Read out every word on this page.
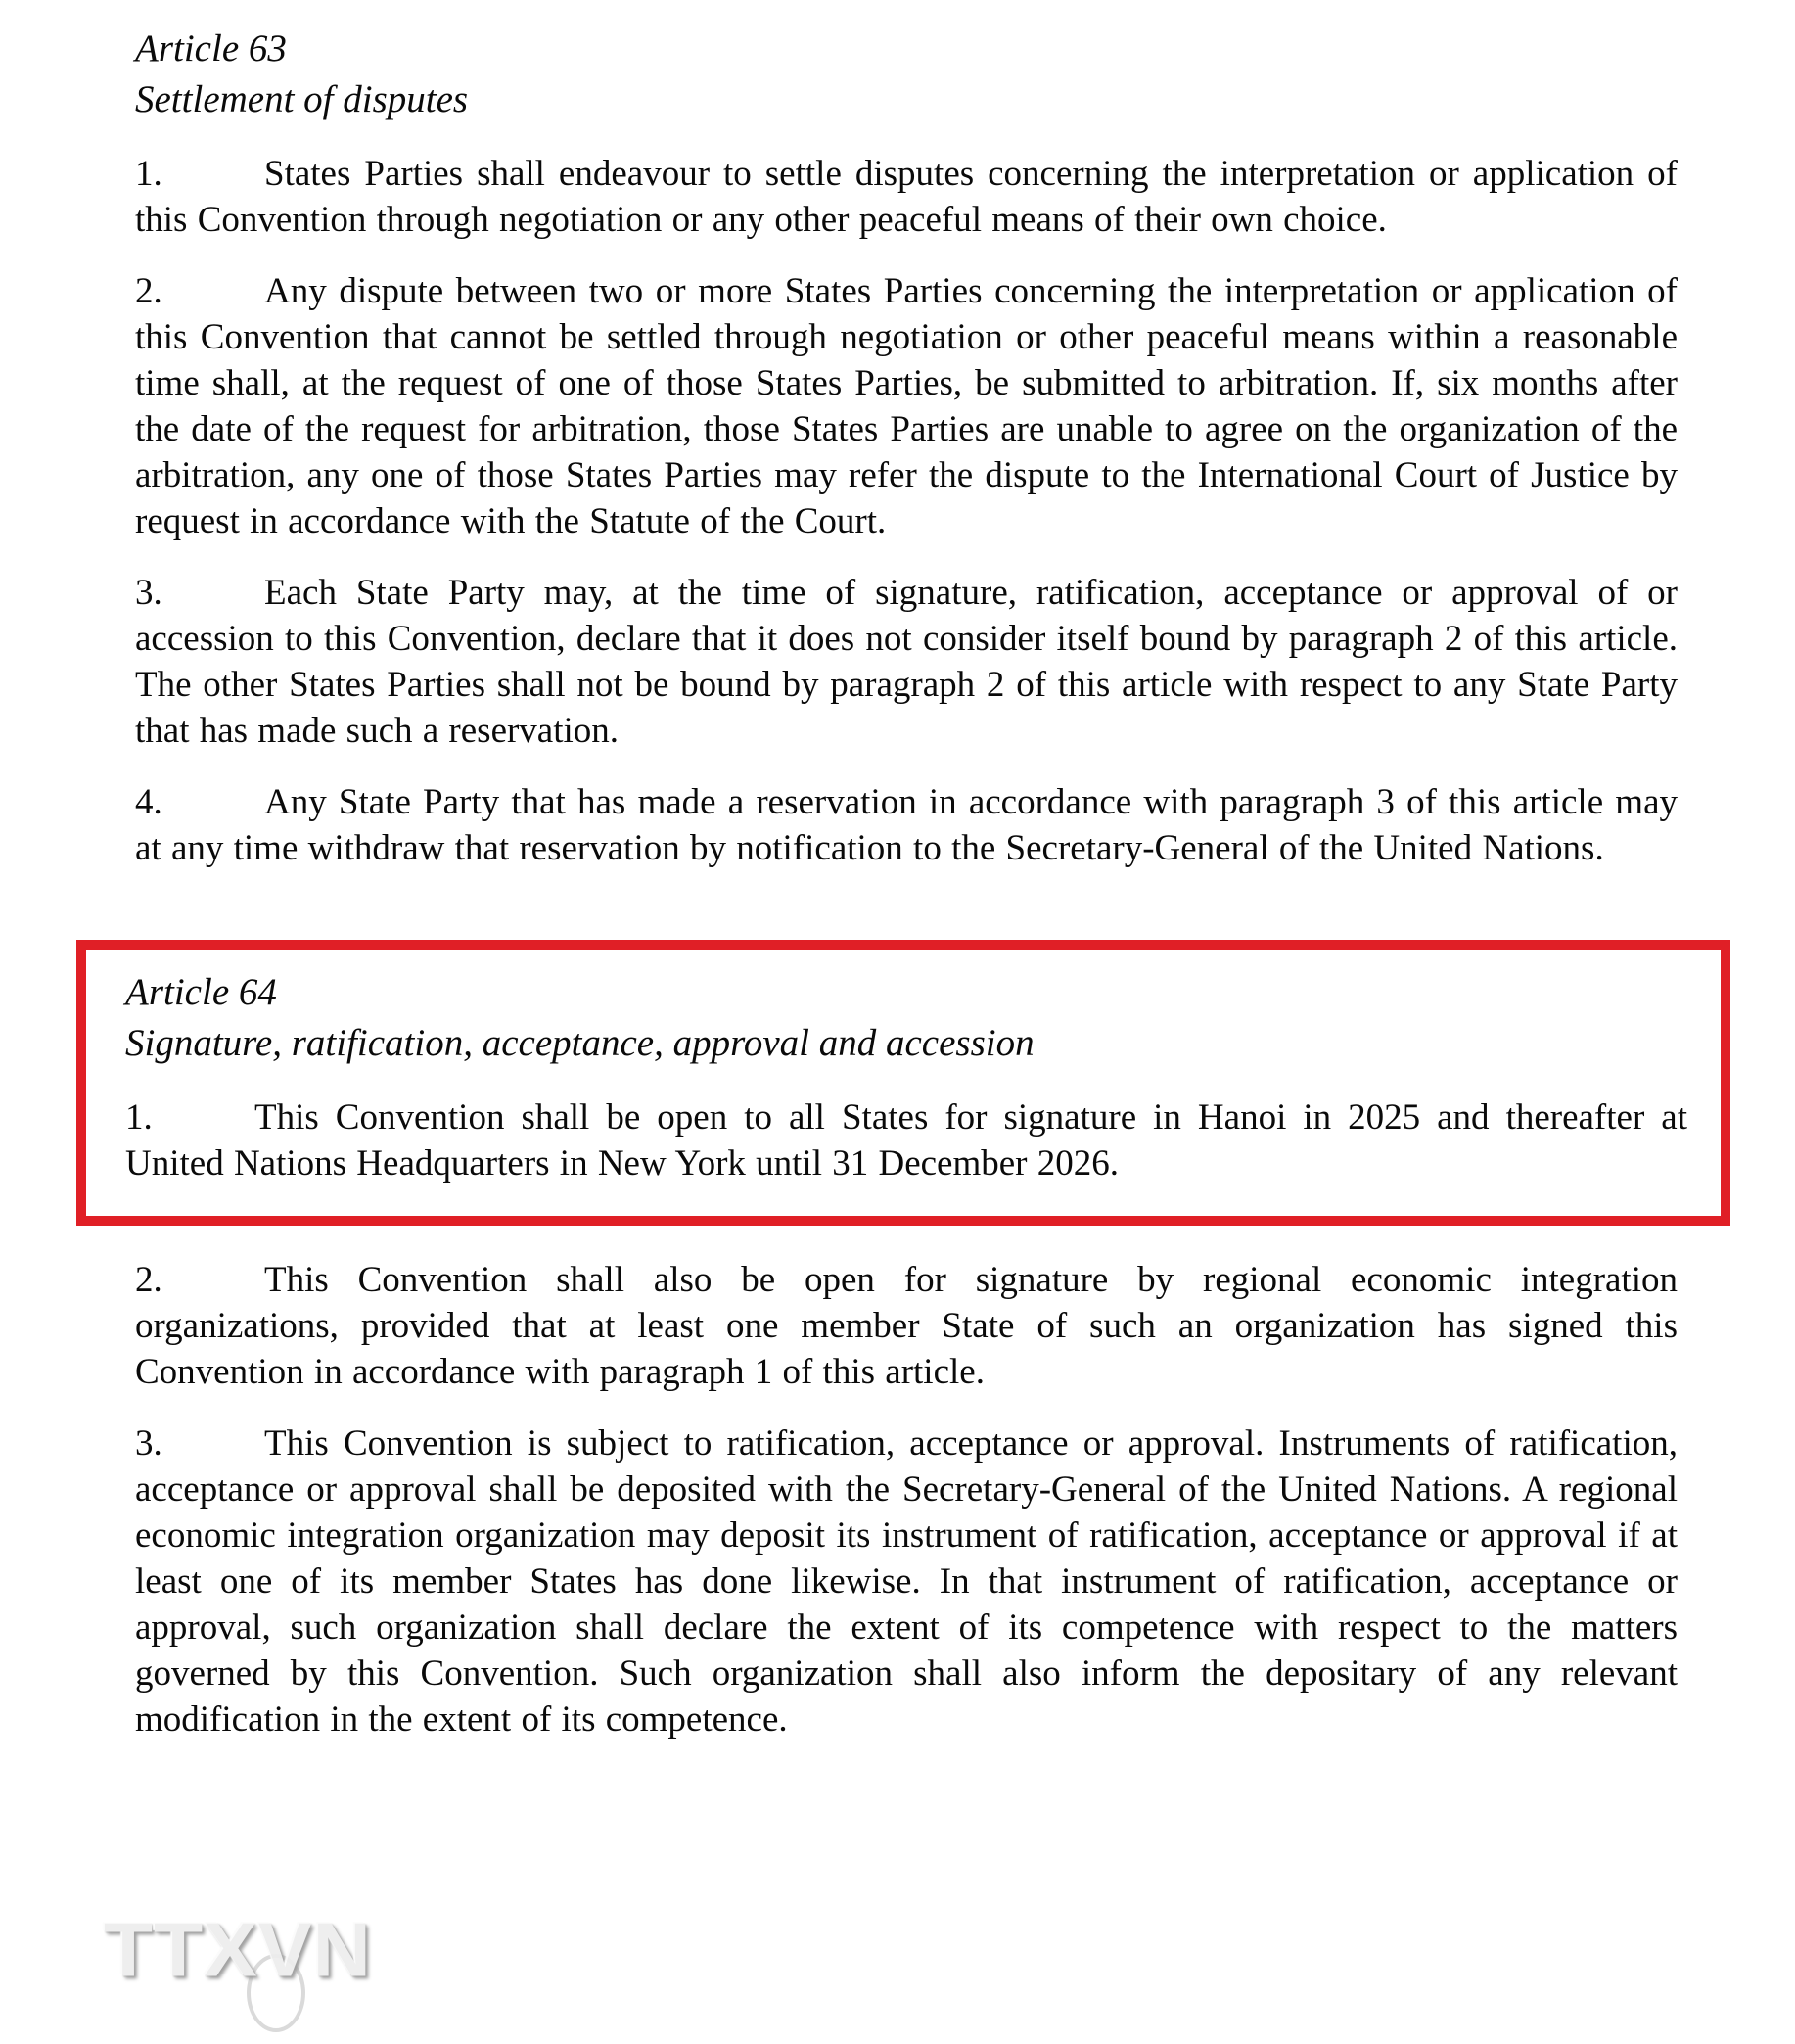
Article 63
Settlement of disputes

1.	States Parties shall endeavour to settle disputes concerning the interpretation or application of this Convention through negotiation or any other peaceful means of their own choice.

2.	Any dispute between two or more States Parties concerning the interpretation or application of this Convention that cannot be settled through negotiation or other peaceful means within a reasonable time shall, at the request of one of those States Parties, be submitted to arbitration. If, six months after the date of the request for arbitration, those States Parties are unable to agree on the organization of the arbitration, any one of those States Parties may refer the dispute to the International Court of Justice by request in accordance with the Statute of the Court.

3.	Each State Party may, at the time of signature, ratification, acceptance or approval of or accession to this Convention, declare that it does not consider itself bound by paragraph 2 of this article. The other States Parties shall not be bound by paragraph 2 of this article with respect to any State Party that has made such a reservation.

4.	Any State Party that has made a reservation in accordance with paragraph 3 of this article may at any time withdraw that reservation by notification to the Secretary-General of the United Nations.

Article 64
Signature, ratification, acceptance, approval and accession

1.	This Convention shall be open to all States for signature in Hanoi in 2025 and thereafter at United Nations Headquarters in New York until 31 December 2026.

2.	This Convention shall also be open for signature by regional economic integration organizations, provided that at least one member State of such an organization has signed this Convention in accordance with paragraph 1 of this article.

3.	This Convention is subject to ratification, acceptance or approval. Instruments of ratification, acceptance or approval shall be deposited with the Secretary-General of the United Nations. A regional economic integration organization may deposit its instrument of ratification, acceptance or approval if at least one of its member States has done likewise. In that instrument of ratification, acceptance or approval, such organization shall declare the extent of its competence with respect to the matters governed by this Convention. Such organization shall also inform the depositary of any relevant modification in the extent of its competence.

TTXVN
